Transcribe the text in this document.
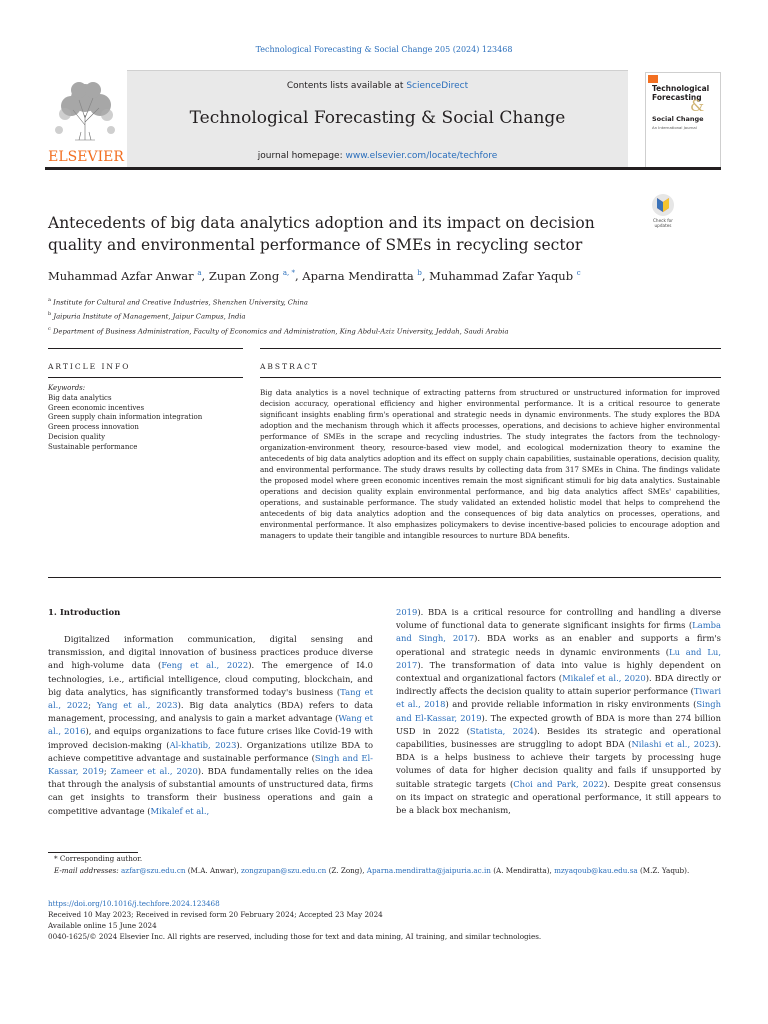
Technological Forecasting & Social Change 205 (2024) 123468
ELSEVIER
Contents lists available at ScienceDirect
Technological Forecasting & Social Change
journal homepage: www.elsevier.com/locate/techfore
Technological
Forecasting
&
Social Change
An International Journal
Check for
updates
Antecedents of big data analytics adoption and its impact on decision
quality and environmental performance of SMEs in recycling sector
Muhammad Azfar Anwar $^a$, Zupan Zong $^{a, *}$, Aparna Mendiratta $^b$, Muhammad Zafar Yaqub $^c$
$^a$ Institute for Cultural and Creative Industries, Shenzhen University, China
$^b$ Jaipuria Institute of Management, Jaipur Campus, India
$^c$ Department of Business Administration, Faculty of Economics and Administration, King Abdul-Aziz University, Jeddah, Saudi Arabia
ARTICLE INFO	ABSTRACT
Keywords:
Big data analytics
Green economic incentives
Green supply chain information integration
Green process innovation
Decision quality
Sustainable performance
Big data analytics is a novel technique of extracting patterns from structured or unstructured information for improved decision accuracy, operational efficiency and higher environmental performance. It is a critical resource to generate significant insights enabling firm's operational and strategic needs in dynamic environments. The study explores the BDA adoption and the mechanism through which it affects processes, operations, and decisions to achieve higher environmental performance of SMEs in the scrape and recycling industries. The study integrates the factors from the technology-organization-environment theory, resource-based view model, and ecological modernization theory to examine the antecedents of big data analytics adoption and its effect on supply chain capabilities, sustainable operations, decision quality, and environmental performance. The study draws results by collecting data from 317 SMEs in China. The findings validate the proposed model where green economic incentives remain the most significant stimuli for big data analytics. Sustainable operations and decision quality explain environmental performance, and big data analytics affect SMEs' capabilities, operations, and sustainable performance. The study validated an extended holistic model that helps to comprehend the antecedents of big data analytics adoption and the consequences of big data analytics on processes, operations, and environmental performance. It also emphasizes policymakers to devise incentive-based policies to encourage adoption and managers to update their tangible and intangible resources to nurture BDA benefits.
1. Introduction
Digitalized information communication, digital sensing and transmission, and digital innovation of business practices produce diverse and high-volume data (Feng et al., 2022). The emergence of I4.0 technologies, i.e., artificial intelligence, cloud computing, blockchain, and big data analytics, has significantly transformed today's business (Tang et al., 2022; Yang et al., 2023). Big data analytics (BDA) refers to data management, processing, and analysis to gain a market advantage (Wang et al., 2016), and equips organizations to face future crises like Covid-19 with improved decision-making (Al-khatib, 2023). Organizations utilize BDA to achieve competitive advantage and sustainable performance (Singh and El-Kassar, 2019; Zameer et al., 2020). BDA fundamentally relies on the idea that through the analysis of substantial amounts of unstructured data, firms can get insights to transform their business operations and gain a competitive advantage (Mikalef et al.,
2019). BDA is a critical resource for controlling and handling a diverse volume of functional data to generate significant insights for firms (Lamba and Singh, 2017). BDA works as an enabler and supports a firm's operational and strategic needs in dynamic environments (Lu and Lu, 2017). The transformation of data into value is highly dependent on contextual and organizational factors (Mikalef et al., 2020). BDA directly or indirectly affects the decision quality to attain superior performance (Tiwari et al., 2018) and provide reliable information in risky environments (Singh and El-Kassar, 2019). The expected growth of BDA is more than 274 billion USD in 2022 (Statista, 2024). Besides its strategic and operational capabilities, businesses are struggling to adopt BDA (Nilashi et al., 2023). BDA is a helps business to achieve their targets by processing huge volumes of data for higher decision quality and fails if unsupported by suitable strategic targets (Choi and Park, 2022). Despite great consensus on its impact on strategic and operational performance, it still appears to be a black box mechanism,
* Corresponding author.
E-mail addresses: azfar@szu.edu.cn (M.A. Anwar), zongzupan@szu.edu.cn (Z. Zong), Aparna.mendiratta@jaipuria.ac.in (A. Mendiratta), mzyaqoub@kau.edu.sa (M.Z. Yaqub).
https://doi.org/10.1016/j.techfore.2024.123468
Received 10 May 2023; Received in revised form 20 February 2024; Accepted 23 May 2024
Available online 15 June 2024
0040-1625/© 2024 Elsevier Inc. All rights are reserved, including those for text and data mining, AI training, and similar technologies.
